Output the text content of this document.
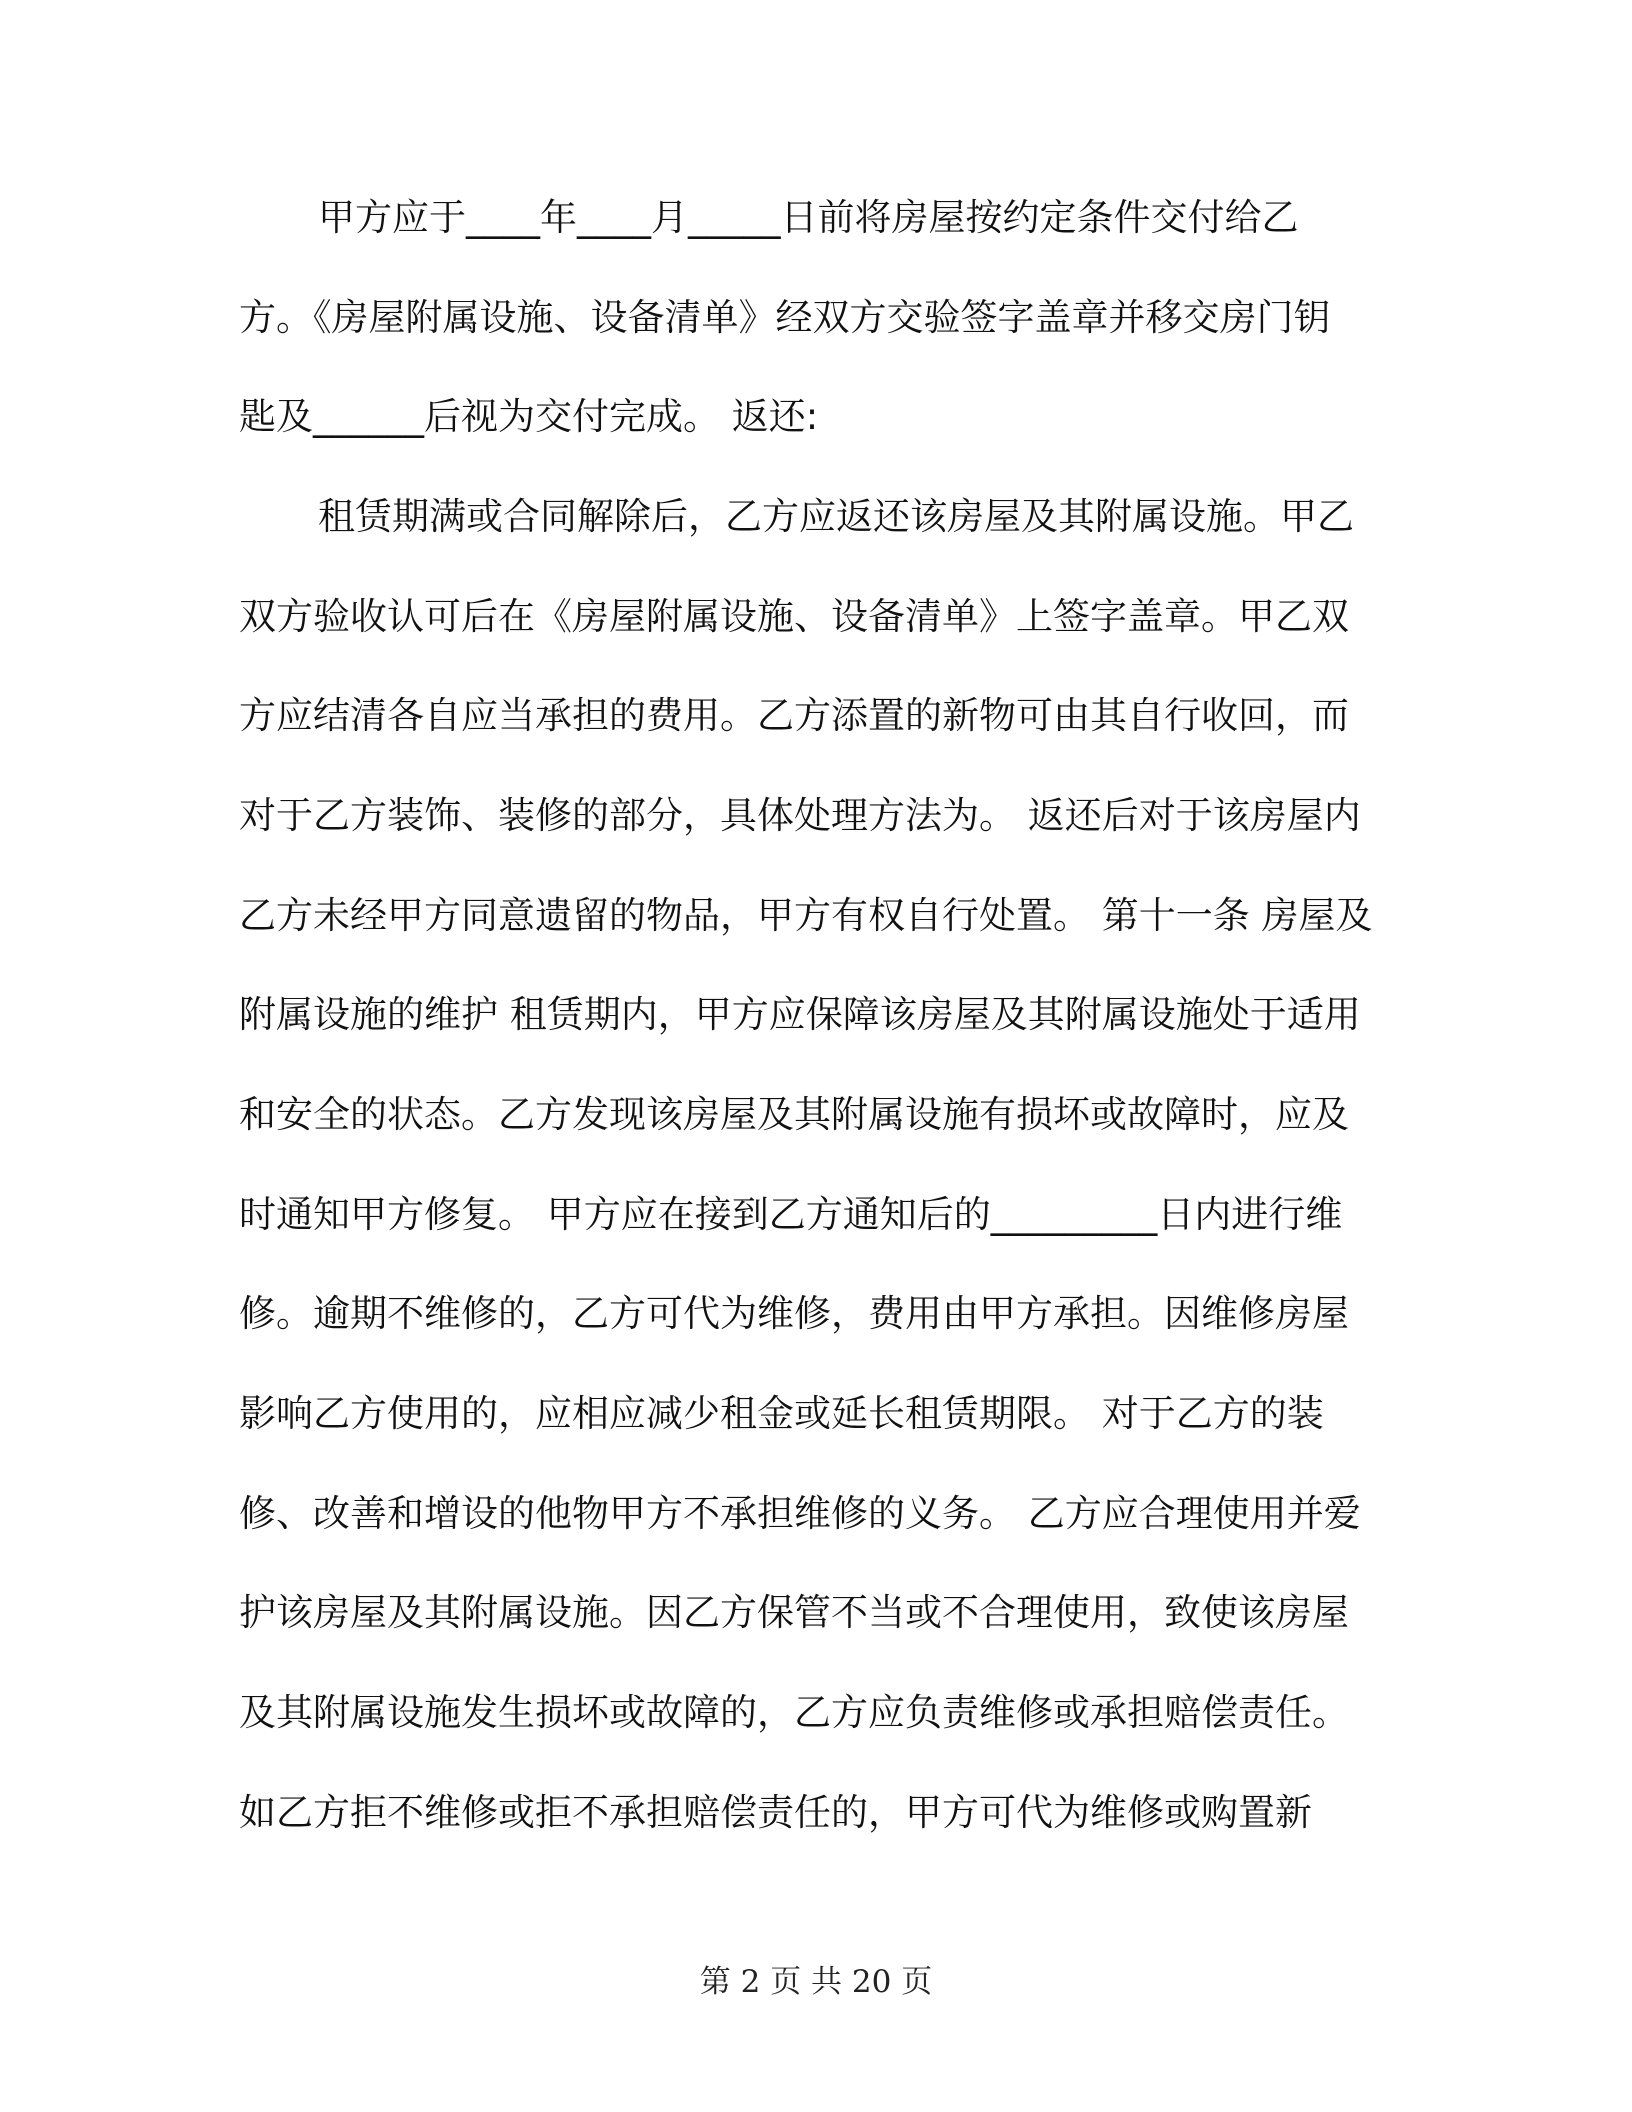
甲方应于____年____月_____日前将房屋按约定条件交付给乙
方。《房屋附属设施、设备清单》经双方交验签字盖章并移交房门钥
匙及______后视为交付完成。 返还:
租赁期满或合同解除后，乙方应返还该房屋及其附属设施。甲乙
双方验收认可后在《房屋附属设施、设备清单》上签字盖章。甲乙双
方应结清各自应当承担的费用。乙方添置的新物可由其自行收回，而
对于乙方装饰、装修的部分，具体处理方法为。 返还后对于该房屋内
乙方未经甲方同意遗留的物品，甲方有权自行处置。 第十一条 房屋及
附属设施的维护 租赁期内，甲方应保障该房屋及其附属设施处于适用
和安全的状态。乙方发现该房屋及其附属设施有损坏或故障时，应及
时通知甲方修复。 甲方应在接到乙方通知后的_________日内进行维
修。逾期不维修的，乙方可代为维修，费用由甲方承担。因维修房屋
影响乙方使用的，应相应减少租金或延长租赁期限。 对于乙方的装
修、改善和增设的他物甲方不承担维修的义务。 乙方应合理使用并爱
护该房屋及其附属设施。因乙方保管不当或不合理使用，致使该房屋
及其附属设施发生损坏或故障的，乙方应负责维修或承担赔偿责任。
如乙方拒不维修或拒不承担赔偿责任的，甲方可代为维修或购置新
第 2 页 共 20 页
